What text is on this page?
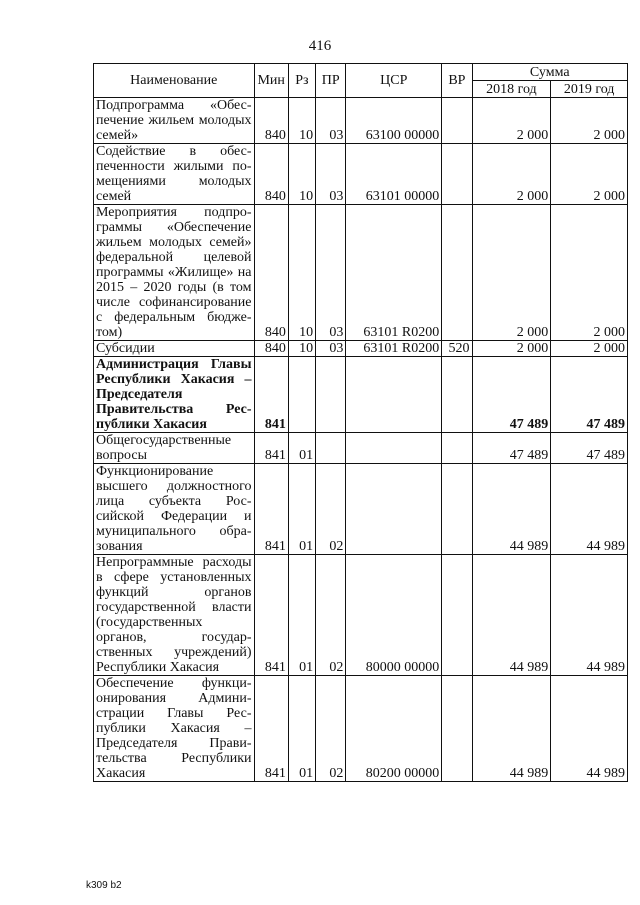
416
Наименование	Мин	Рз	ПР	ЦСР	ВР	Сумма	
						2018 год	2019 год
Подпрограмма «Обеспечение жильем молодых семей»	840	10	03	63100 00000		2 000	2 000
Содействие в обеспеченности жилыми помещениями молодых семей	840	10	03	63101 00000		2 000	2 000
Мероприятия подпрограммы «Обеспечение жильем молодых семей» федеральной целевой программы «Жилище» на 2015 – 2020 годы (в том числе софинансирование с федеральным бюджетом)	840	10	03	63101 R0200		2 000	2 000
Субсидии	840	10	03	63101 R0200	520	2 000	2 000
Администрация Главы Республики Хакасия – Председателя Правительства Республики Хакасия	841					47 489	47 489
Общегосударственные вопросы	841	01				47 489	47 489
Функционирование высшего должностного лица субъекта Российской Федерации и муниципального образования	841	01	02			44 989	44 989
Непрограммные расходы в сфере установленных функций органов государственной власти (государственных органов, государственных учреждений) Республики Хакасия	841	01	02	80000 00000		44 989	44 989
Обеспечение функционирования Администрации Главы Республики Хакасия – Председателя Правительства Республики Хакасия	841	01	02	80200 00000		44 989	44 989
k309 b2
